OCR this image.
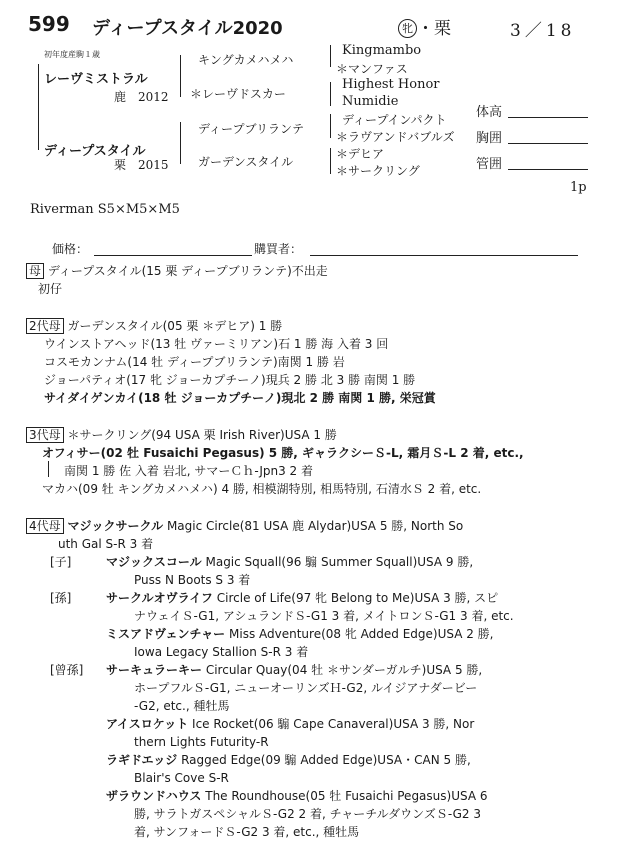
599 ディープスタイル2020	牝 ・栗	3／18
初年度産駒１歳
レーヴミストラル
鹿　2012
ディープスタイル
栗　2015
キングカメハメハ
＊レーヴドスカー
ディープブリランテ
ガーデンスタイル
Kingmambo
＊マンファス
Highest Honor
Numidie
ディープインパクト
＊ラヴアンドバブルズ
＊デヒア
＊サークリング
体高
胸囲
管囲
1p
Riverman S5×M5×M5
価格：	購買者：
母 ディープスタイル(15 栗 ディープブリランテ)不出走
初仔
2代母 ガーデンスタイル(05 栗 ＊デヒア) 1 勝
ウインストアヘッド(13 牡 ヴァーミリアン)石 1 勝 海 入着 3 回
コスモカンナム(14 牡 ディープブリランテ)南関 1 勝 岩
ジョーパティオ(17 牝 ジョーカプチーノ)現兵 2 勝 北 3 勝 南関 1 勝
サイダイゲンカイ(18 牡 ジョーカプチーノ)現北 2 勝 南関 1 勝, 栄冠賞
3代母 ＊サークリング(94 USA 栗 Irish River)USA 1 勝
オフィサー(02 牡 Fusaichi Pegasus) 5 勝, ギャラクシーＳ-L, 霜月Ｓ-L 2 着, etc.,
南関 1 勝 佐 入着 岩北, サマーＣｈ-Jpn3 2 着
マカハ(09 牡 キングカメハメハ) 4 勝, 相模湖特別, 相馬特別, 石清水Ｓ 2 着, etc.
4代母 マジックサークル Magic Circle(81 USA 鹿 Alydar)USA 5 勝, North So
uth Gal S-R 3 着
[子]	マジックスコール Magic Squall(96 騸 Summer Squall)USA 9 勝,
Puss N Boots S 3 着
[孫]	サークルオヴライフ Circle of Life(97 牝 Belong to Me)USA 3 勝, スピ
ナウェイＳ-G1, アシュランドＳ-G1 3 着, メイトロンＳ-G1 3 着, etc.
ミスアドヴェンチャー Miss Adventure(08 牝 Added Edge)USA 2 勝,
Iowa Legacy Stallion S-R 3 着
[曾孫] サーキュラーキー Circular Quay(04 牡 ＊サンダーガルチ)USA 5 勝,
ホープフルＳ-G1, ニューオーリンズＨ-G2, ルイジアナダービー
-G2, etc., 種牡馬
アイスロケット Ice Rocket(06 騸 Cape Canaveral)USA 3 勝, Nor
thern Lights Futurity-R
ラギドエッジ Ragged Edge(09 騸 Added Edge)USA・CAN 5 勝,
Blair's Cove S-R
ザラウンドハウス The Roundhouse(05 牡 Fusaichi Pegasus)USA 6
勝, サラトガスペシャルＳ-G2 2 着, チャーチルダウンズＳ-G2 3
着, サンフォードＳ-G2 3 着, etc., 種牡馬
